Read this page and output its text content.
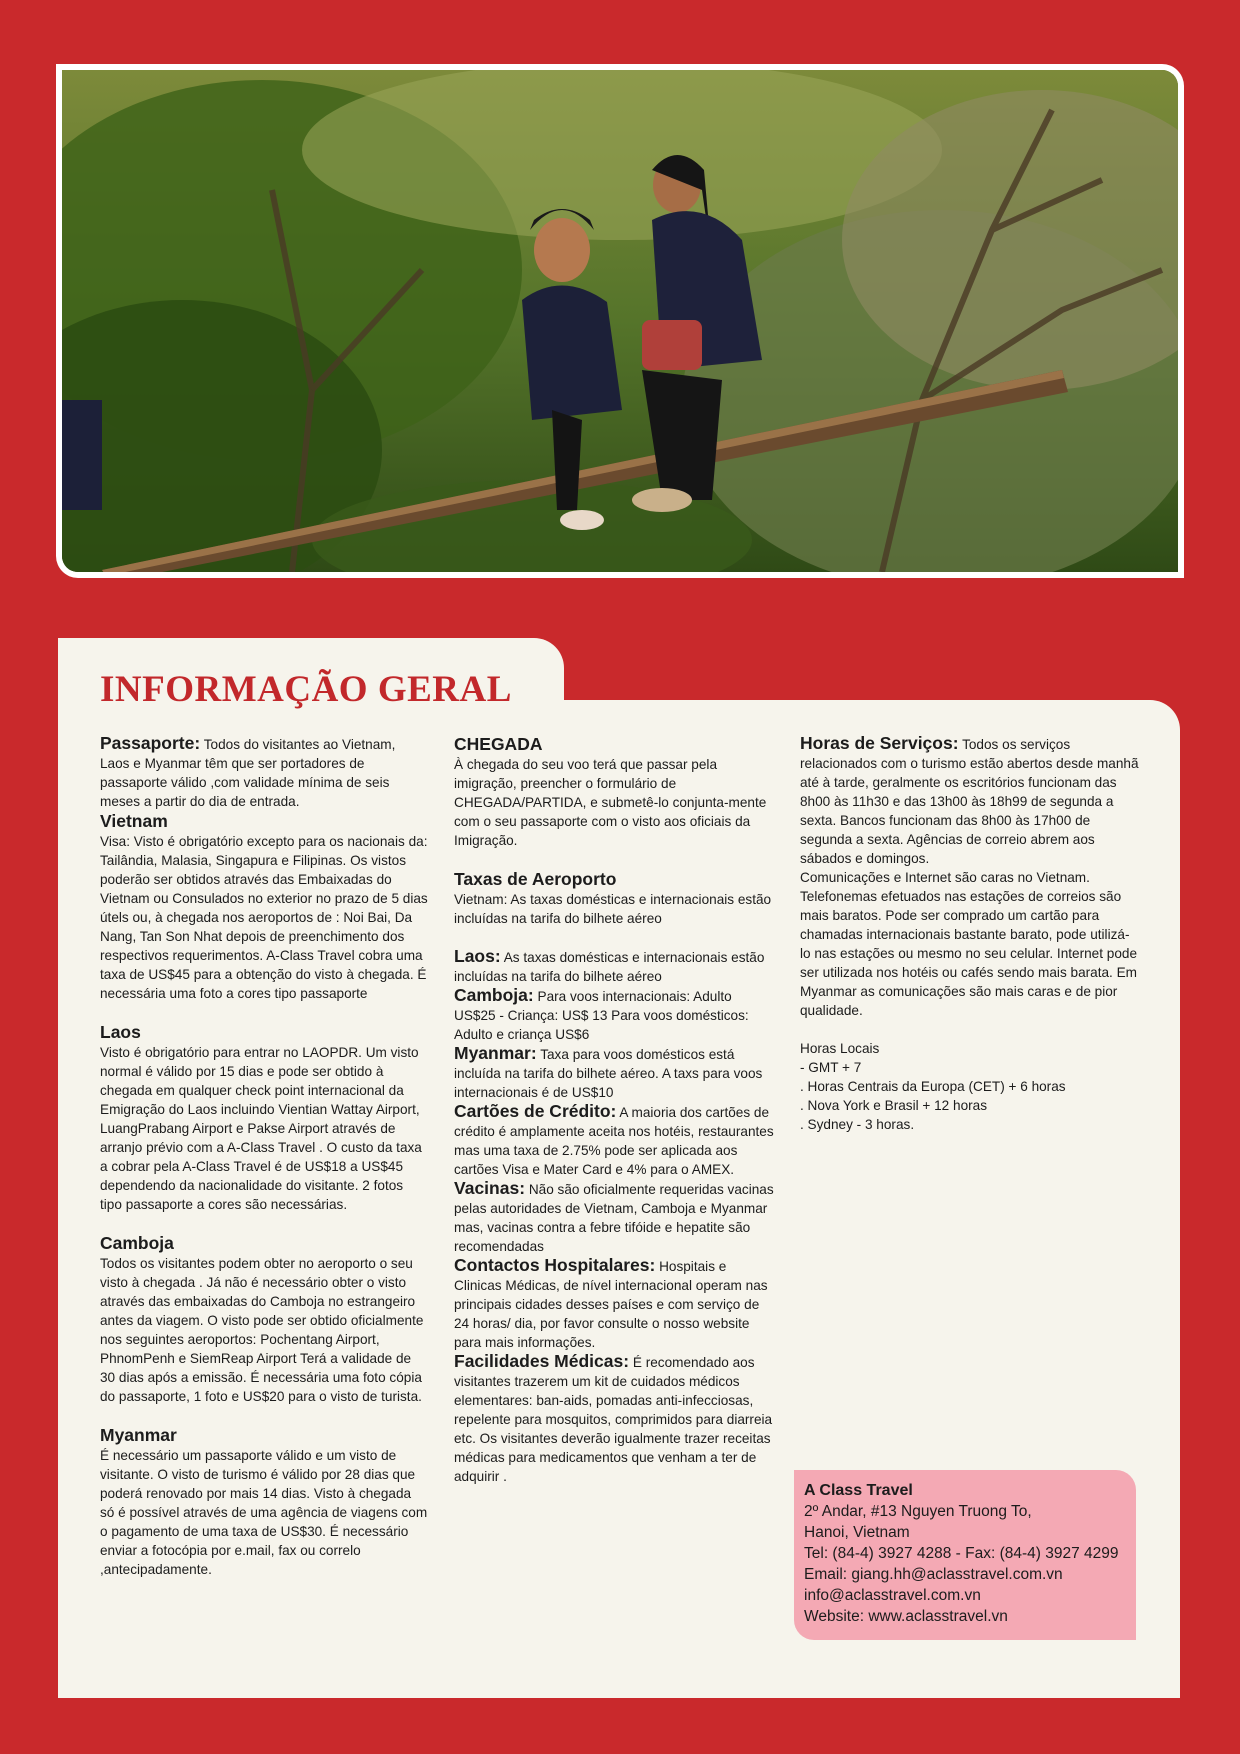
INFORMAÇÃO GERAL

Passaporte: Todos do visitantes ao Vietnam, Laos e Myanmar têm que ser portadores de passaporte válido ,com validade mínima de seis meses a partir do dia de entrada.

Vietnam

Visa: Visto é obrigatório excepto para os nacionais da: Tailândia, Malasia, Singapura e Filipinas. Os vistos poderão ser obtidos através das Embaixadas do Vietnam ou Consulados no exterior no prazo de 5 dias útels ou, à chegada nos aeroportos de : Noi Bai, Da Nang, Tan Son Nhat depois de preenchimento dos respectivos requerimentos. A-Class Travel cobra uma taxa de US$45 para a obtenção do visto à chegada. É necessária uma foto a cores tipo passaporte

Laos

Visto é obrigatório para entrar no LAOPDR. Um visto normal é válido por 15 dias e pode ser obtido à chegada em qualquer check point internacional da Emigração do Laos incluindo Vientian Wattay Airport, LuangPrabang Airport e Pakse Airport através de arranjo prévio com a A-Class Travel . O custo da taxa a cobrar pela A-Class Travel é de US$18 a US$45 dependendo da nacionalidade do visitante. 2 fotos tipo passaporte a cores são necessárias.

Camboja

Todos os visitantes podem obter no aeroporto o seu visto à chegada . Já não é necessário obter o visto através das embaixadas do Camboja no estrangeiro antes da viagem. O visto pode ser obtido oficialmente nos seguintes aeroportos: Pochentang Airport, PhnomPenh e SiemReap Airport Terá a validade de 30 dias após a emissão. É necessária uma foto cópia do passaporte, 1 foto e US$20 para o visto de turista.

Myanmar

É necessário um passaporte válido e um visto de visitante. O visto de turismo é válido por 28 dias que poderá renovado por mais 14 dias. Visto à chegada só é possível através de uma agência de viagens com o pagamento de uma taxa de US$30. É necessário enviar a fotocópia por e.mail, fax ou correlo ,antecipadamente.

CHEGADA

À chegada do seu voo terá que passar pela imigração, preencher o formulário de CHEGADA/PARTIDA, e submetê-lo conjunta-mente com o seu passaporte com o visto aos oficiais da Imigração.

Taxas de Aeroporto

Vietnam: As taxas domésticas e internacionais estão incluídas na tarifa do bilhete aéreo

Laos: As taxas domésticas e internacionais estão incluídas na tarifa do bilhete aéreo

Camboja: Para voos internacionais: Adulto US$25 - Criança: US$ 13 Para voos domésticos: Adulto e criança US$6

Myanmar: Taxa para voos domésticos está incluída na tarifa do bilhete aéreo. A taxs para voos internacionais é de US$10

Cartões de Crédito: A maioria dos cartões de crédito é amplamente aceita nos hotéis, restaurantes mas uma taxa de 2.75% pode ser aplicada aos cartões Visa e Mater Card e 4% para o AMEX.

Vacinas: Não são oficialmente requeridas vacinas pelas autoridades de Vietnam, Camboja e Myanmar mas, vacinas contra a febre tifóide e hepatite são recomendadas

Contactos Hospitalares: Hospitais e Clinicas Médicas, de nível internacional operam nas principais cidades desses países e com serviço de 24 horas/ dia, por favor consulte o nosso website para mais informações.

Facilidades Médicas: É recomendado aos visitantes trazerem um kit de cuidados médicos elementares: ban-aids, pomadas anti-infecciosas, repelente para mosquitos, comprimidos para diarreia etc. Os visitantes deverão igualmente trazer receitas médicas para medicamentos que venham a ter de adquirir .

Horas de Serviços: Todos os serviços relacionados com o turismo estão abertos desde manhã até à tarde, geralmente os escritórios funcionam das 8h00 às 11h30 e das 13h00 às 18h99 de segunda a sexta. Bancos funcionam das 8h00 às 17h00 de segunda a sexta. Agências de correio abrem aos sábados e domingos.

Comunicações e Internet são caras no Vietnam. Telefonemas efetuados nas estações de correios são mais baratos. Pode ser comprado um cartão para chamadas internacionais bastante barato, pode utilizá-lo nas estações ou mesmo no seu celular. Internet pode ser utilizada nos hotéis ou cafés sendo mais barata. Em Myanmar as comunicações são mais caras e de pior qualidade.

Horas Locais

- GMT + 7

. Horas Centrais da Europa (CET) + 6 horas

. Nova York e Brasil + 12 horas

. Sydney - 3 horas.

A Class Travel
2º Andar, #13 Nguyen Truong To,
Hanoi, Vietnam
Tel: (84-4) 3927 4288 - Fax: (84-4) 3927 4299
Email: giang.hh@aclasstravel.com.vn
info@aclasstravel.com.vn
Website: www.aclasstravel.vn
